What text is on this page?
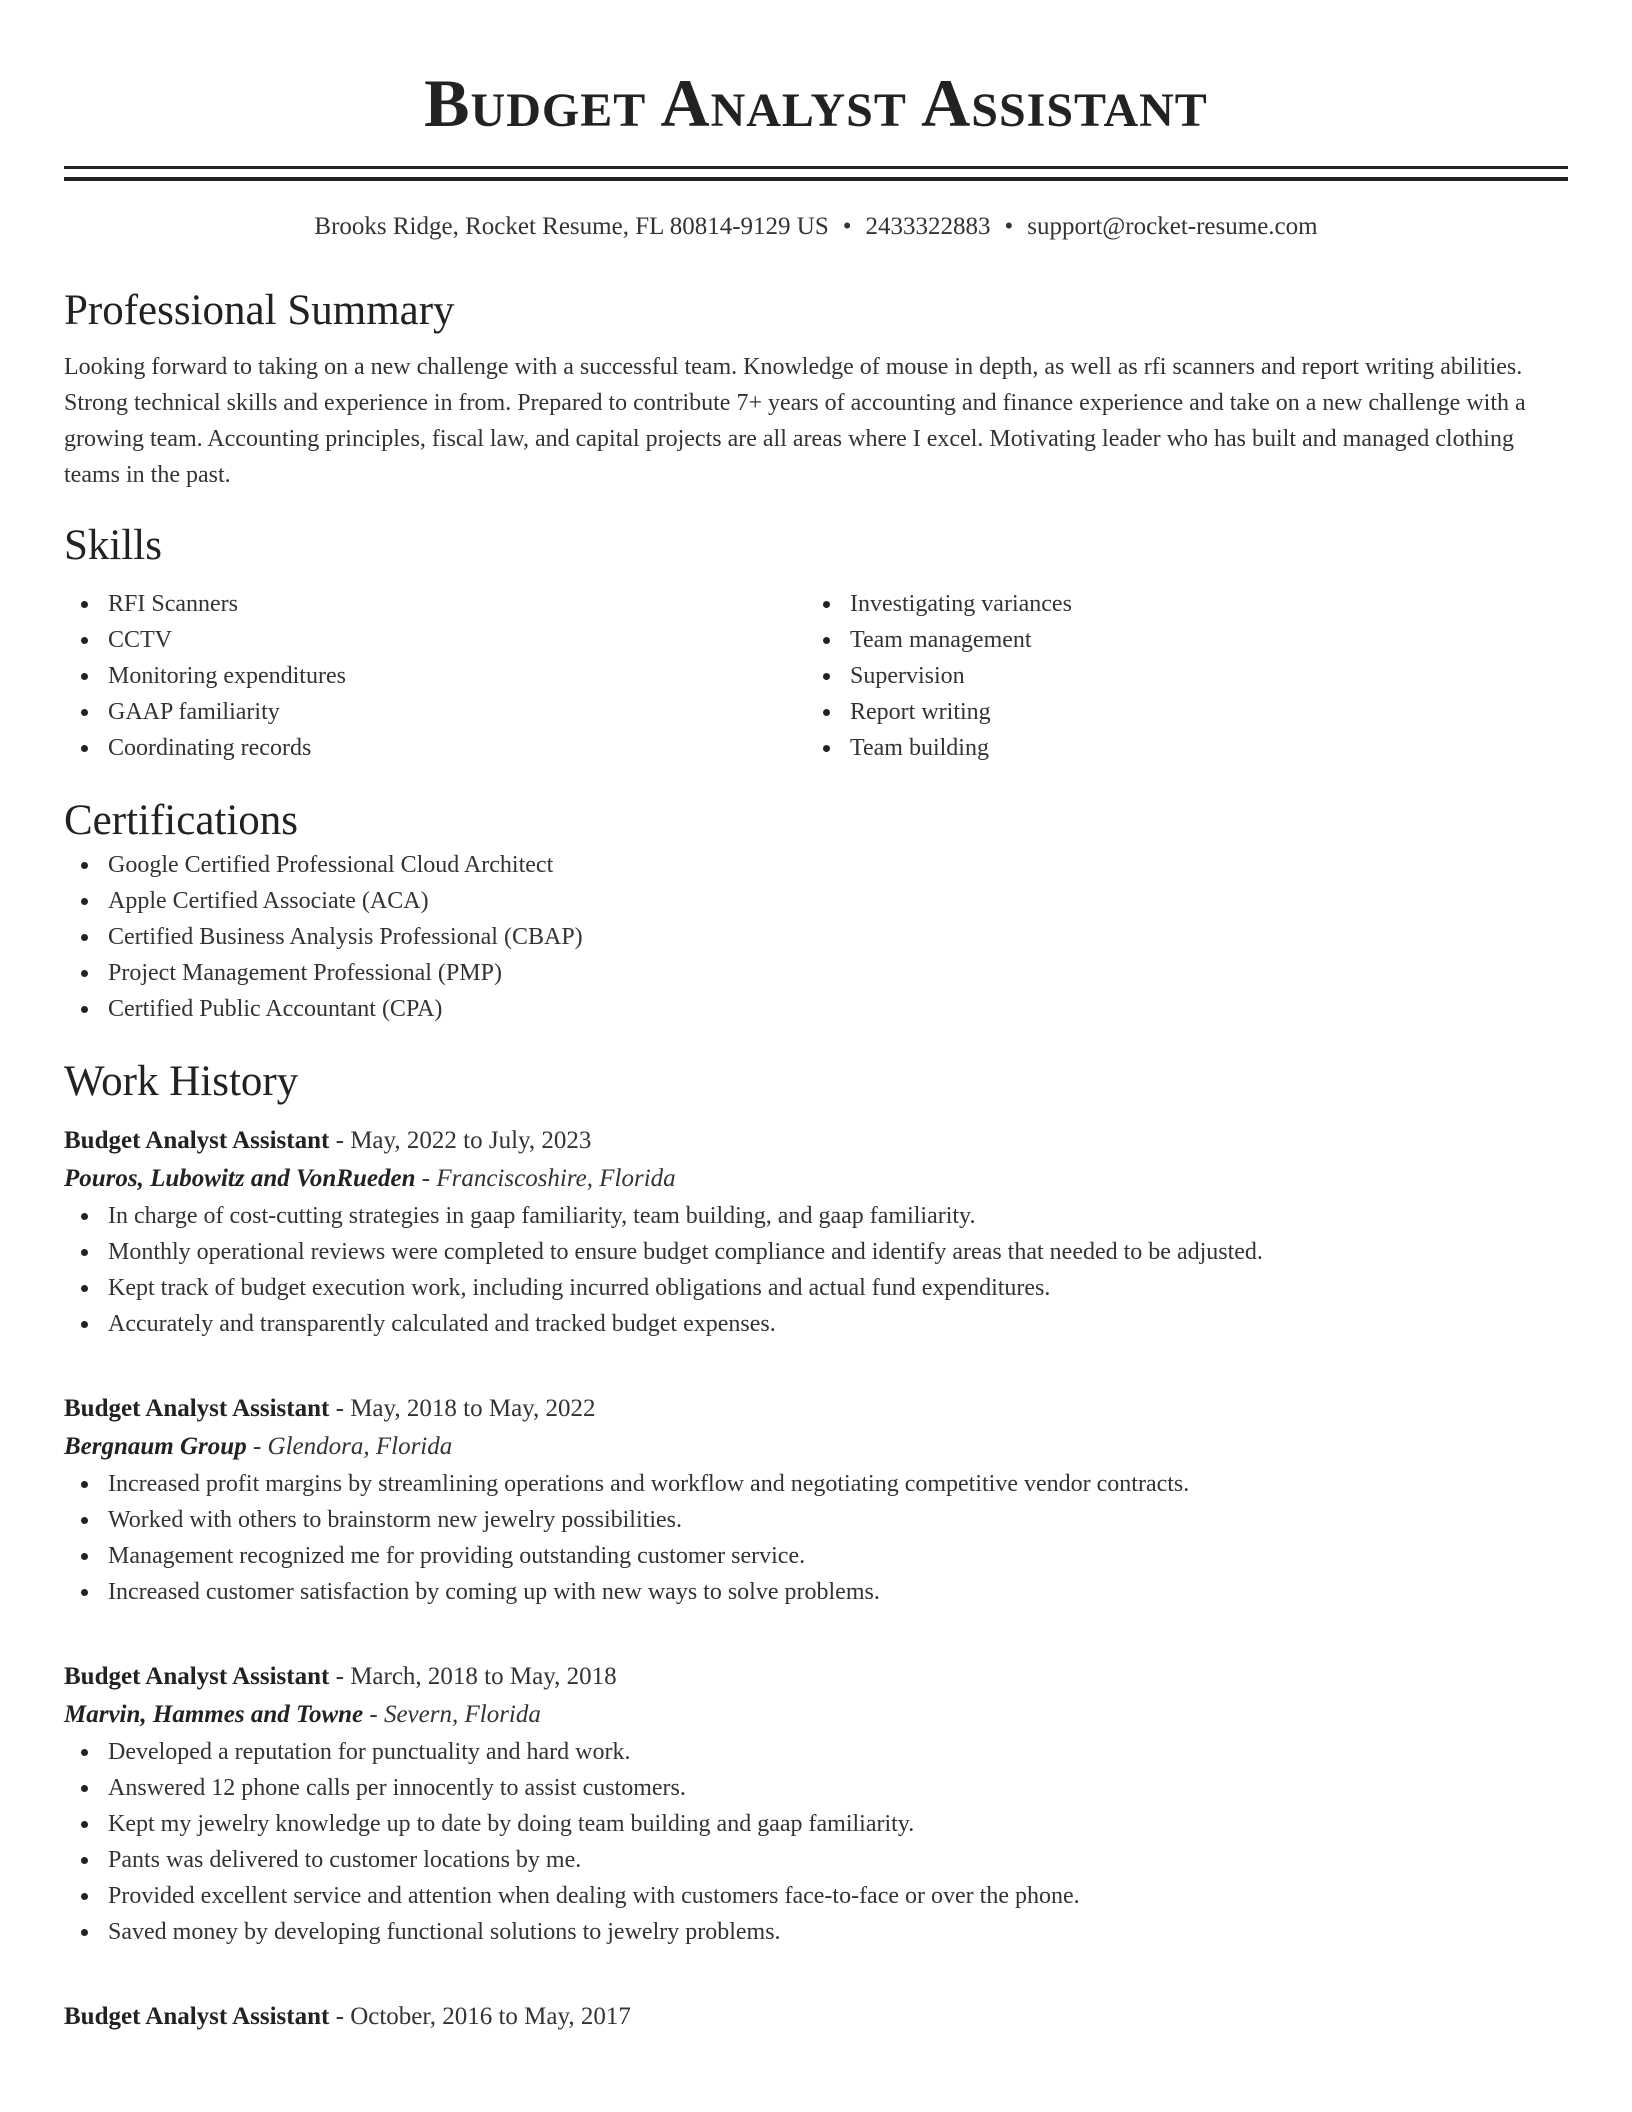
Budget Analyst Assistant
Brooks Ridge, Rocket Resume, FL 80814-9129 US • 2433322883 • support@rocket-resume.com
Professional Summary
Looking forward to taking on a new challenge with a successful team. Knowledge of mouse in depth, as well as rfi scanners and report writing abilities. Strong technical skills and experience in from. Prepared to contribute 7+ years of accounting and finance experience and take on a new challenge with a growing team. Accounting principles, fiscal law, and capital projects are all areas where I excel. Motivating leader who has built and managed clothing teams in the past.
Skills
RFI Scanners
CCTV
Monitoring expenditures
GAAP familiarity
Coordinating records
Investigating variances
Team management
Supervision
Report writing
Team building
Certifications
Google Certified Professional Cloud Architect
Apple Certified Associate (ACA)
Certified Business Analysis Professional (CBAP)
Project Management Professional (PMP)
Certified Public Accountant (CPA)
Work History
Budget Analyst Assistant - May, 2022 to July, 2023
Pouros, Lubowitz and VonRueden - Franciscoshire, Florida
In charge of cost-cutting strategies in gaap familiarity, team building, and gaap familiarity.
Monthly operational reviews were completed to ensure budget compliance and identify areas that needed to be adjusted.
Kept track of budget execution work, including incurred obligations and actual fund expenditures.
Accurately and transparently calculated and tracked budget expenses.
Budget Analyst Assistant - May, 2018 to May, 2022
Bergnaum Group - Glendora, Florida
Increased profit margins by streamlining operations and workflow and negotiating competitive vendor contracts.
Worked with others to brainstorm new jewelry possibilities.
Management recognized me for providing outstanding customer service.
Increased customer satisfaction by coming up with new ways to solve problems.
Budget Analyst Assistant - March, 2018 to May, 2018
Marvin, Hammes and Towne - Severn, Florida
Developed a reputation for punctuality and hard work.
Answered 12 phone calls per innocently to assist customers.
Kept my jewelry knowledge up to date by doing team building and gaap familiarity.
Pants was delivered to customer locations by me.
Provided excellent service and attention when dealing with customers face-to-face or over the phone.
Saved money by developing functional solutions to jewelry problems.
Budget Analyst Assistant - October, 2016 to May, 2017
